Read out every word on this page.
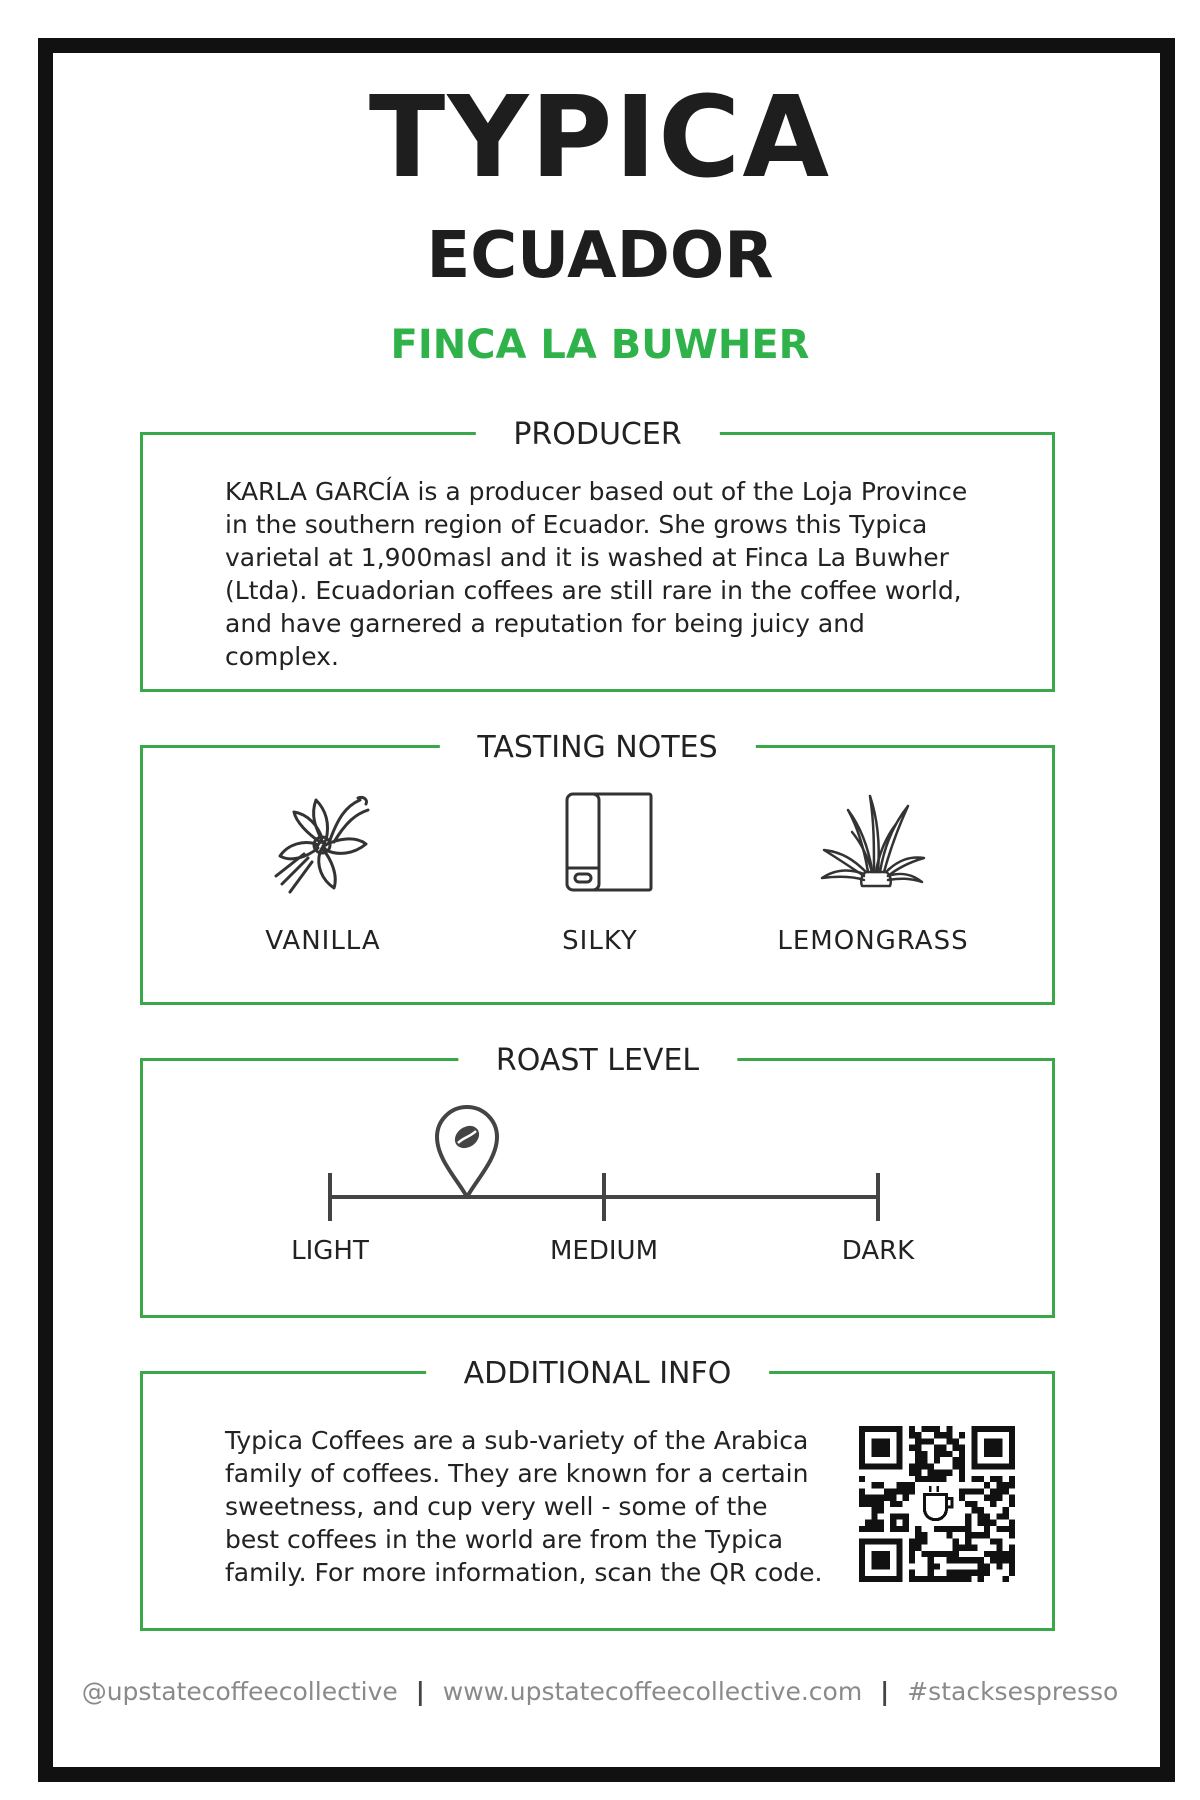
TYPICA
ECUADOR
FINCA LA BUWHER
PRODUCER

KARLA GARCÍA is a producer based out of the Loja Province
in the southern region of Ecuador. She grows this Typica
varietal at 1,900masl and it is washed at Finca La Buwher
(Ltda). Ecuadorian coffees are still rare in the coffee world,
and have garnered a reputation for being juicy and complex.

TASTING NOTES
VANILLA	SILKY	LEMONGRASS
ROAST LEVEL
LIGHT	MEDIUM	DARK
ADDITIONAL INFO

Typica Coffees are a sub-variety of the Arabica
family of coffees. They are known for a certain
sweetness, and cup very well - some of the
best coffees in the world are from the Typica
family. For more information, scan the QR code.

@upstatecoffeecollective | www.upstatecoffeecollective.com | #stacksespresso
